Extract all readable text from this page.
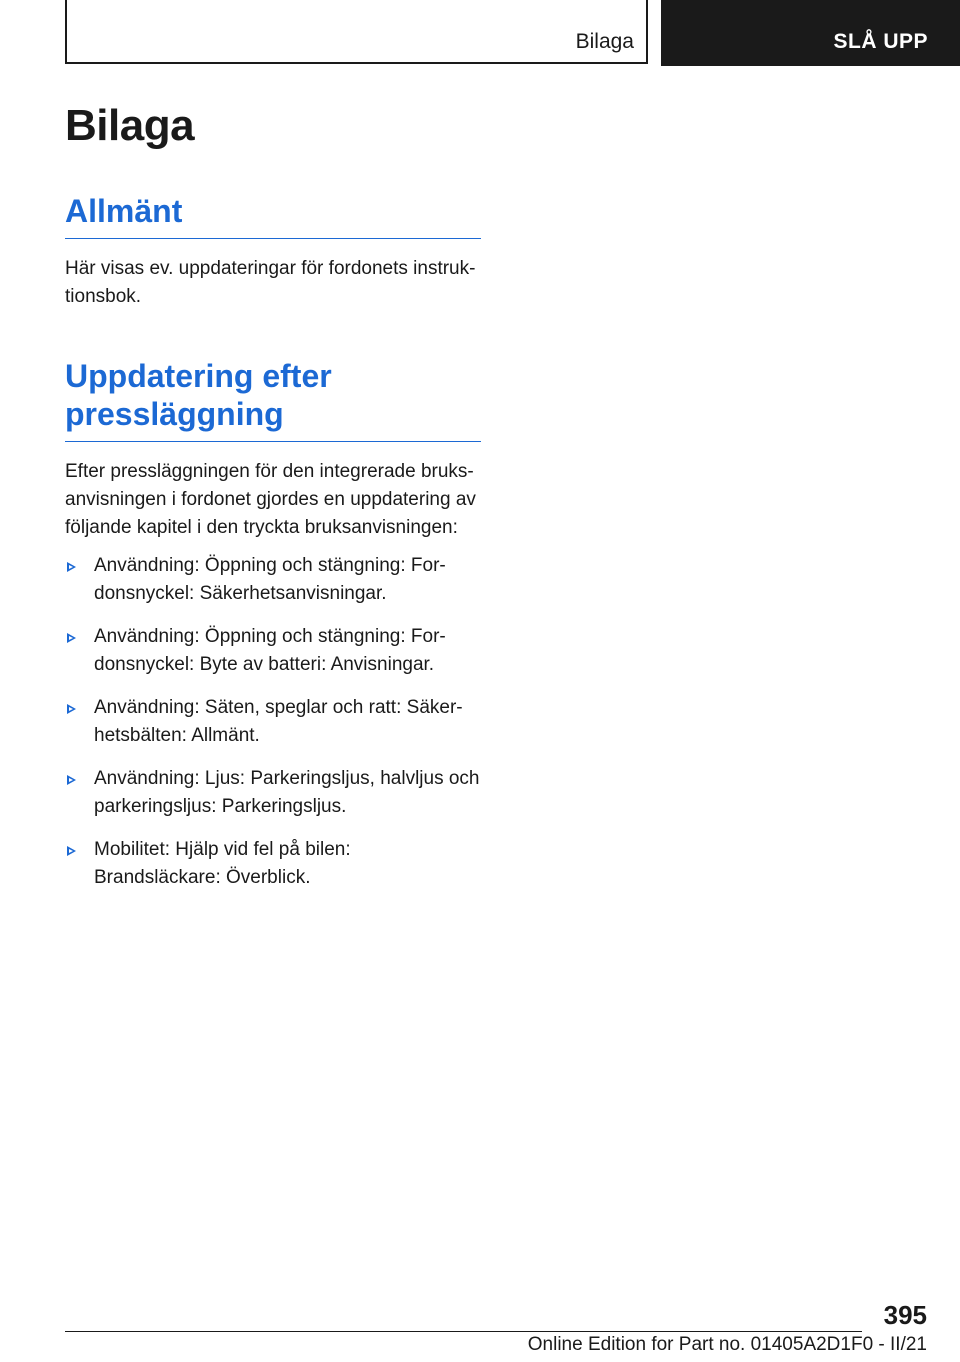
Bilaga	SLÅ UPP
Bilaga
Allmänt

Här visas ev. uppdateringar för fordonets instruk-tionsbok.

Uppdatering efter pressläggning

Efter pressläggningen för den integrerade bruks-anvisningen i fordonet gjordes en uppdatering av följande kapitel i den tryckta bruksanvisningen:

Användning: Öppning och stängning: For-donsnyckel: Säkerhetsanvisningar.
Användning: Öppning och stängning: For-donsnyckel: Byte av batteri: Anvisningar.
Användning: Säten, speglar och ratt: Säker-hetsbälten: Allmänt.
Användning: Ljus: Parkeringsljus, halvljus och parkeringsljus: Parkeringsljus.
Mobilitet: Hjälp vid fel på bilen: Brandsläckare: Överblick.
395
Online Edition for Part no. 01405A2D1F0 - II/21
